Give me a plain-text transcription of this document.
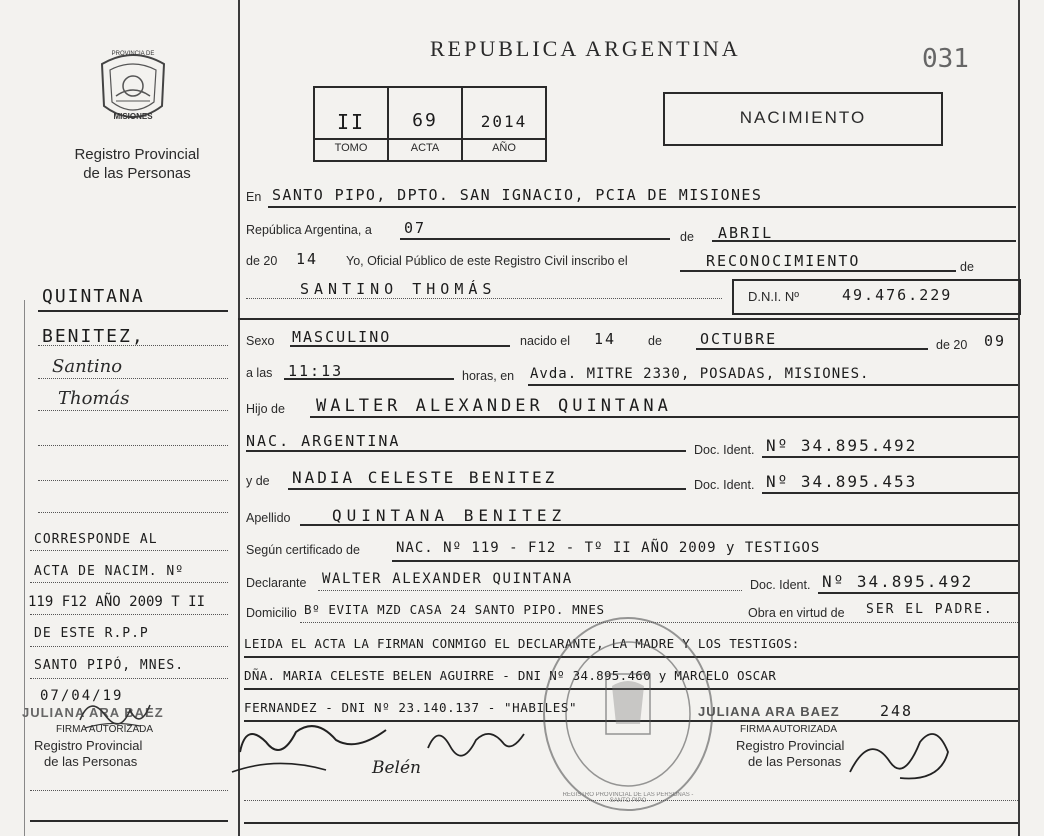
PROVINCIA DE
MISIONES
Registro Provincial
de las Personas
REPUBLICA ARGENTINA	031
II	69	2014
TOMO	ACTA	AÑO
NACIMIENTO
QUINTANA
BENITEZ,
Santino
Thomás
CORRESPONDE AL
ACTA DE NACIM. Nº
119 F12 AÑO 2009 T II
DE ESTE R.P.P
SANTO PIPÓ, MNES.
07/04/19
JULIANA ARA BAEZ
FIRMA AUTORIZADA
Registro Provincial
de las Personas
En SANTO PIPO, DPTO. SAN IGNACIO, PCIA DE MISIONES
República Argentina, a 07	de ABRIL
de 20 14 Yo, Oficial Público de este Registro Civil inscribo el	RECONOCIMIENTO	de
SANTINO THOMÁS	D.N.I. Nº	49.476.229
Sexo MASCULINO	nacido el 14	de	OCTUBRE	de 20 09
a las 11:13	horas, en Avda. MITRE 2330, POSADAS, MISIONES.
Hijo de WALTER ALEXANDER QUINTANA
NAC. ARGENTINA	Doc. Ident. Nº 34.895.492
y de NADIA CELESTE BENITEZ	Doc. Ident. Nº 34.895.453
Apellido	QUINTANA BENITEZ
Según certificado de	NAC. Nº 119 - F12 - Tº II AÑO 2009 y TESTIGOS
Declarante WALTER ALEXANDER QUINTANA	Doc. Ident. Nº 34.895.492
Domicilio Bº EVITA MZD CASA 24 SANTO PIPO. MNES	Obra en virtud de SER EL PADRE.
LEIDA EL ACTA LA FIRMAN CONMIGO EL DECLARANTE, LA MADRE Y LOS TESTIGOS:
DÑA. MARIA CELESTE BELEN AGUIRRE - DNI Nº 34.895.460 y MARCELO OSCAR
FERNANDEZ - DNI Nº 23.140.137 - "HABILES"	JULIANA ARA BAEZ	248
FIRMA AUTORIZADA
Registro Provincial
de las Personas
REGISTRO PROVINCIAL DE LAS PERSONAS - SANTO PIPO
Belén
